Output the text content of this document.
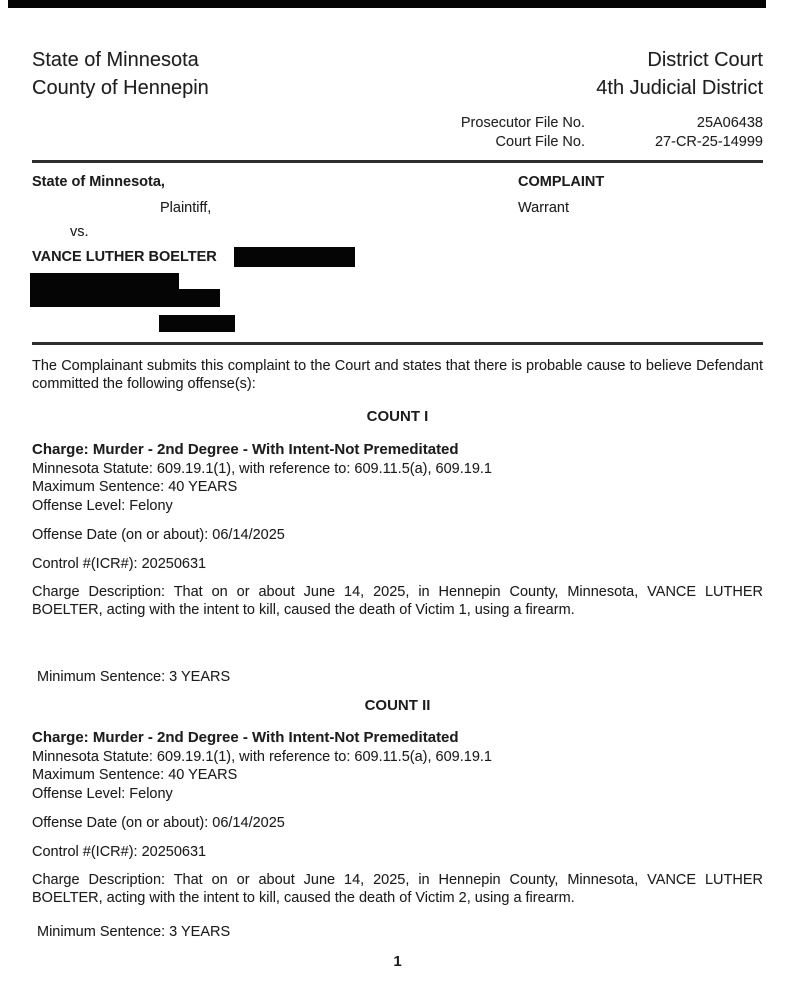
State of Minnesota
County of Hennepin
District Court
4th Judicial District
Prosecutor File No.	25A06438
Court File No.	27-CR-25-14999
State of Minnesota,
Plaintiff,
vs.
VANCE LUTHER BOELTER
COMPLAINT
Warrant

The Complainant submits this complaint to the Court and states that there is probable cause to believe Defendant committed the following offense(s):

COUNT I
Charge: Murder - 2nd Degree - With Intent-Not Premeditated
Minnesota Statute: 609.19.1(1), with reference to: 609.11.5(a), 609.19.1
Maximum Sentence: 40 YEARS
Offense Level: Felony
Offense Date (on or about): 06/14/2025
Control #(ICR#): 20250631

Charge Description: That on or about June 14, 2025, in Hennepin County, Minnesota, VANCE LUTHER BOELTER, acting with the intent to kill, caused the death of Victim 1, using a firearm.

Minimum Sentence: 3 YEARS
COUNT II
Charge: Murder - 2nd Degree - With Intent-Not Premeditated
Minnesota Statute: 609.19.1(1), with reference to: 609.11.5(a), 609.19.1
Maximum Sentence: 40 YEARS
Offense Level: Felony
Offense Date (on or about): 06/14/2025
Control #(ICR#): 20250631

Charge Description: That on or about June 14, 2025, in Hennepin County, Minnesota, VANCE LUTHER BOELTER, acting with the intent to kill, caused the death of Victim 2, using a firearm.

Minimum Sentence: 3 YEARS
1
